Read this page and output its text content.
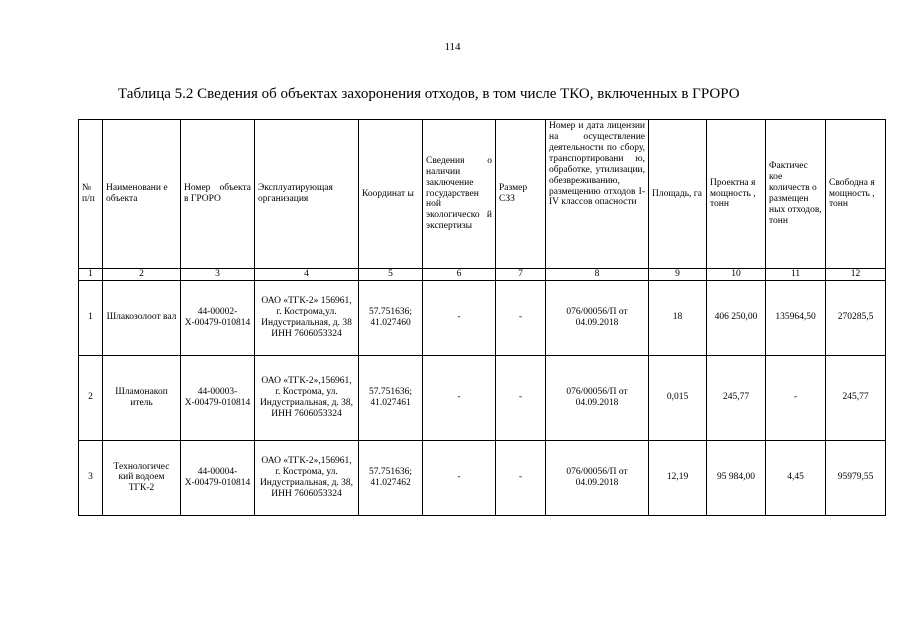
114
Таблица 5.2 Сведения об объектах захоронения отходов, в том числе ТКО, включенных в ГРОРО
№ п/п	Наименовани е объекта	Номер объекта в ГРОРО	Эксплуатирующая организация	Координат ы	Сведения о наличии заключение государствен ной экологическо й экспертизы	Размер СЗЗ	Номер и дата лицензии на осуществление деятельности по сбору, транспортировани ю, обработке, утилизации, обезвреживанию, размещению отходов I-IV классов опасности	Площадь, га	Проектна я мощность , тонн	Фактичес кое количеств о размещен ных отходов, тонн	Свободна я мощность , тонн
1	2	3	4	5	6	7	8	9	10	11	12
1	Шлакозолоот вал	44-00002-Х-00479-010814	ОАО «ТГК-2» 156961, г. Кострома,ул. Индустриальная, д. 38 ИНН 7606053324	57.751636; 41.027460	-	-	076/00056/П от 04.09.2018	18	406 250,00	135964,50	270285,5
2	Шламонакоп итель	44-00003-Х-00479-010814	ОАО «ТГК-2»,156961, г. Кострома, ул. Индустриальная, д. 38, ИНН 7606053324	57.751636; 41.027461	-	-	076/00056/П от 04.09.2018	0,015	245,77	-	245,77
3	Технологичес кий водоем ТГК-2	44-00004-Х-00479-010814	ОАО «ТГК-2»,156961, г. Кострома, ул. Индустриальная, д. 38, ИНН 7606053324	57.751636; 41.027462	-	-	076/00056/П от 04.09.2018	12,19	95 984,00	4,45	95979,55
